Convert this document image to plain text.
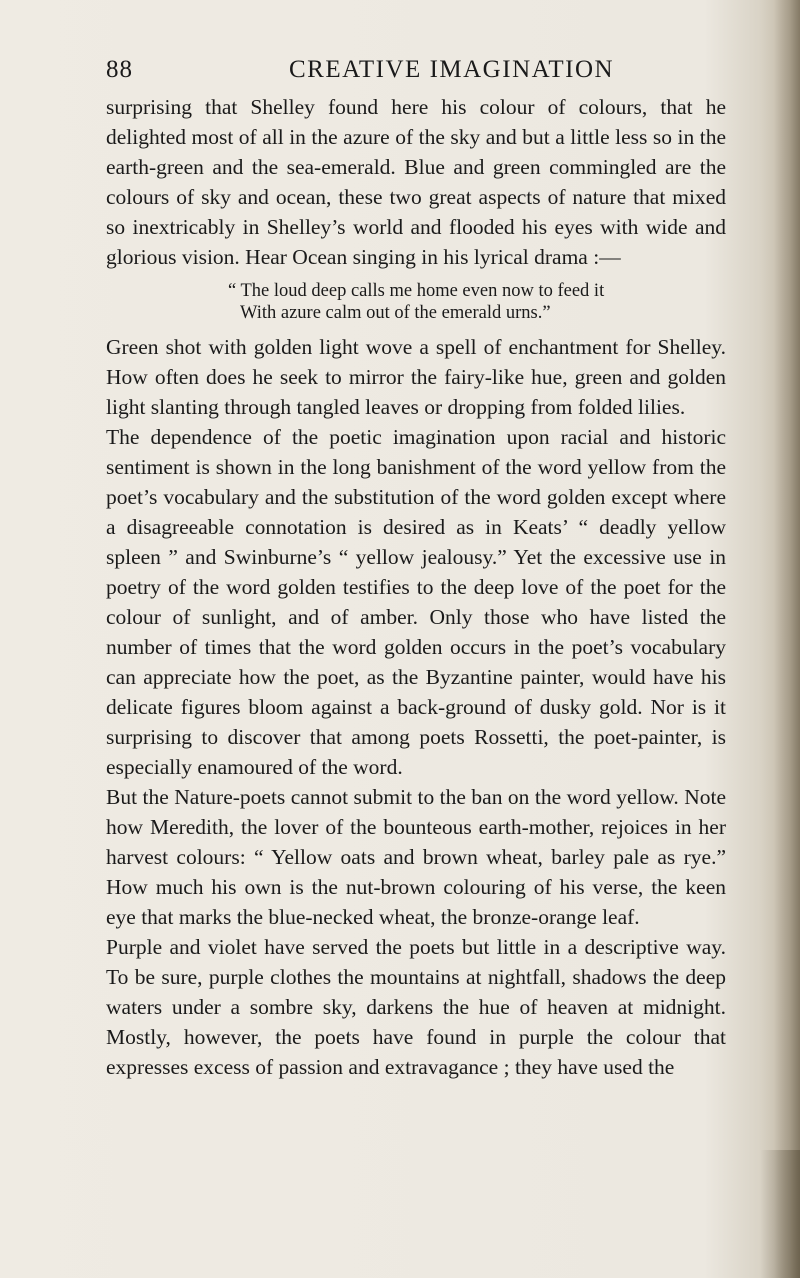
88	CREATIVE IMAGINATION

surprising that Shelley found here his colour of colours, that he delighted most of all in the azure of the sky and but a little less so in the earth-green and the sea-emerald. Blue and green commingled are the colours of sky and ocean, these two great aspects of nature that mixed so inextricably in Shelley’s world and flooded his eyes with wide and glorious vision. Hear Ocean singing in his lyrical drama :—

“ The loud deep calls me home even now to feed it
With azure calm out of the emerald urns.”

Green shot with golden light wove a spell of enchantment for Shelley. How often does he seek to mirror the fairy-like hue, green and golden light slanting through tangled leaves or dropping from folded lilies.

The dependence of the poetic imagination upon racial and historic sentiment is shown in the long banishment of the word yellow from the poet’s vocabulary and the substitution of the word golden except where a disagreeable connotation is desired as in Keats’ “ deadly yellow spleen ” and Swinburne’s “ yellow jealousy.” Yet the excessive use in poetry of the word golden testifies to the deep love of the poet for the colour of sunlight, and of amber. Only those who have listed the number of times that the word golden occurs in the poet’s vocabulary can appreciate how the poet, as the Byzantine painter, would have his delicate figures bloom against a back-ground of dusky gold. Nor is it surprising to discover that among poets Rossetti, the poet-painter, is especially enamoured of the word.

But the Nature-poets cannot submit to the ban on the word yellow. Note how Meredith, the lover of the bounteous earth-mother, rejoices in her harvest colours: “ Yellow oats and brown wheat, barley pale as rye.” How much his own is the nut-brown colouring of his verse, the keen eye that marks the blue-necked wheat, the bronze-orange leaf.

Purple and violet have served the poets but little in a descriptive way. To be sure, purple clothes the mountains at nightfall, shadows the deep waters under a sombre sky, darkens the hue of heaven at midnight. Mostly, however, the poets have found in purple the colour that expresses excess of passion and extravagance ; they have used the
